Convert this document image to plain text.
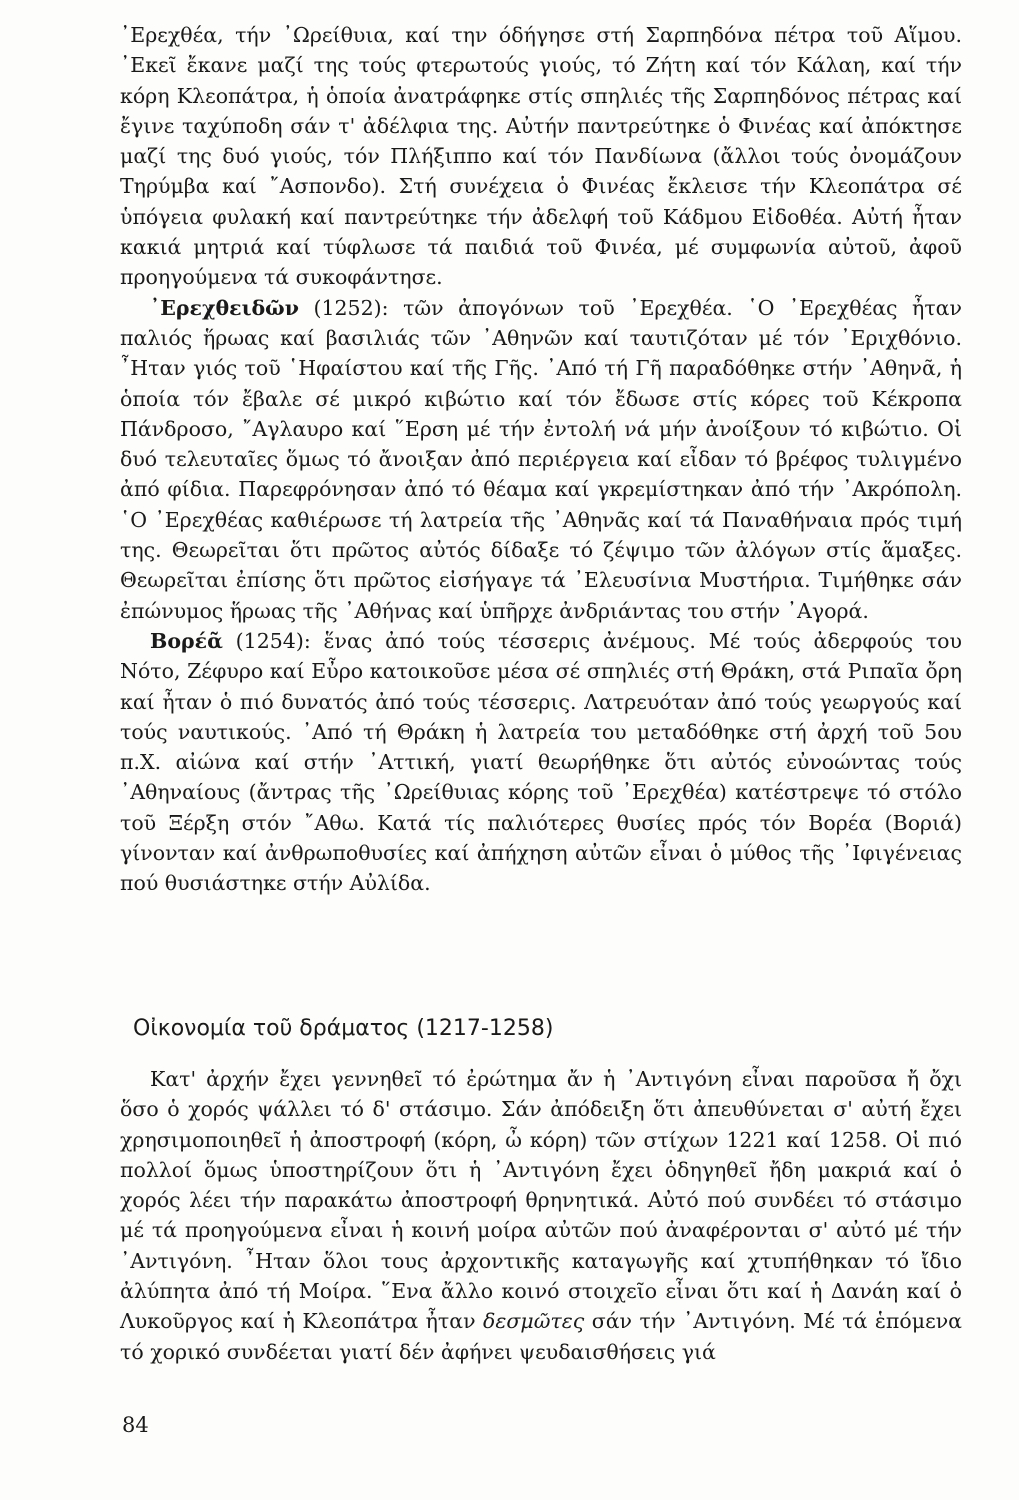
᾿Ερεχθέα, τήν ᾿Ωρείθυια, καί την όδήγησε στή Σαρπηδόνα πέτρα τοῦ Αἵμου. ᾿Εκεῖ ἔκανε μαζί της τούς φτερωτούς γιούς, τό Ζήτη καί τόν Κάλαη, καί τήν κόρη Κλεοπάτρα, ἡ ὁποία ἀνατράφηκε στίς σπηλιές τῆς Σαρπηδόνος πέτρας καί ἔγινε ταχύποδη σάν τ' ἀδέλφια της. Αὐτήν παντρεύτηκε ὁ Φινέας καί ἀπόκτησε μαζί της δυό γιούς, τόν Πλήξιππο καί τόν Πανδίωνα (ἄλλοι τούς ὀνομάζουν Τηρύμβα καί ῎Ασπονδο). Στή συνέχεια ὁ Φινέας ἔκλεισε τήν Κλεοπάτρα σέ ὑπόγεια φυλακή καί παντρεύτηκε τήν ἀδελφή τοῦ Κάδμου Εἰδοθέα. Αὐτή ἦταν κακιά μητριά καί τύφλωσε τά παιδιά τοῦ Φινέα, μέ συμφωνία αὐτοῦ, ἀφοῦ προηγούμενα τά συκοφάντησε.

᾿Ερεχθειδῶν (1252): τῶν ἀπογόνων τοῦ ᾿Ερεχθέα. ῾Ο ᾿Ερεχθέας ἦταν παλιός ἥρωας καί βασιλιάς τῶν ᾿Αθηνῶν καί ταυτιζόταν μέ τόν ᾿Εριχθόνιο. ῏Ηταν γιός τοῦ ῾Ηφαίστου καί τῆς Γῆς. ᾿Από τή Γῆ παραδόθηκε στήν ᾿Αθηνᾶ, ἡ ὁποία τόν ἔβαλε σέ μικρό κιβώτιο καί τόν ἔδωσε στίς κόρες τοῦ Κέκροπα Πάνδροσο, ῎Αγλαυρο καί ῞Ερση μέ τήν ἐντολή νά μήν ἀνοίξουν τό κιβώτιο. Οἱ δυό τελευταῖες ὅμως τό ἄνοιξαν ἀπό περιέργεια καί εἶδαν τό βρέφος τυλιγμένο ἀπό φίδια. Παρεφρόνησαν ἀπό τό θέαμα καί γκρεμίστηκαν ἀπό τήν ᾿Ακρόπολη. ῾Ο ᾿Ερεχθέας καθιέρωσε τή λατρεία τῆς ᾿Αθηνᾶς καί τά Παναθήναια πρός τιμή της. Θεωρεῖται ὅτι πρῶτος αὐτός δίδαξε τό ζέψιμο τῶν ἀλόγων στίς ἅμαξες. Θεωρεῖται ἐπίσης ὅτι πρῶτος εἰσήγαγε τά ᾿Ελευσίνια Μυστήρια. Τιμήθηκε σάν ἐπώνυμος ἥρωας τῆς ᾿Αθήνας καί ὑπῆρχε ἀνδριάντας του στήν ᾿Αγορά.

Βορέᾶ (1254): ἕνας ἀπό τούς τέσσερις ἀνέμους. Μέ τούς ἀδερφούς του Νότο, Ζέφυρο καί Εὖρο κατοικοῦσε μέσα σέ σπηλιές στή Θράκη, στά Ριπαῖα ὄρη καί ἦταν ὁ πιό δυνατός ἀπό τούς τέσσερις. Λατρευόταν ἀπό τούς γεωργούς καί τούς ναυτικούς. ᾿Από τή Θράκη ἡ λατρεία του μεταδόθηκε στή ἀρχή τοῦ 5ου π.Χ. αἰώνα καί στήν ᾿Αττική, γιατί θεωρήθηκε ὅτι αὐτός εὐνοώντας τούς ᾿Αθηναίους (ἄντρας τῆς ᾿Ωρείθυιας κόρης τοῦ ᾿Ερεχθέα) κατέστρεψε τό στόλο τοῦ Ξέρξη στόν ῎Αθω. Κατά τίς παλιότερες θυσίες πρός τόν Βορέα (Βοριά) γίνονταν καί ἀνθρωποθυσίες καί ἀπήχηση αὐτῶν εἶναι ὁ μύθος τῆς ᾿Ιφιγένειας πού θυσιάστηκε στήν Αὐλίδα.

Οἰκονομία τοῦ δράματος (1217-1258)

Κατ' ἀρχήν ἔχει γεννηθεῖ τό ἐρώτημα ἄν ἡ ᾿Αντιγόνη εἶναι παροῦσα ἤ ὄχι ὅσο ὁ χορός ψάλλει τό δ' στάσιμο. Σάν ἀπόδειξη ὅτι ἀπευθύνεται σ' αὐτή ἔχει χρησιμοποιηθεῖ ἡ ἀποστροφή (κόρη, ὦ κόρη) τῶν στίχων 1221 καί 1258. Οἱ πιό πολλοί ὅμως ὑποστηρίζουν ὅτι ἡ ᾿Αντιγόνη ἔχει ὁδηγηθεῖ ἤδη μακριά καί ὁ χορός λέει τήν παρακάτω ἀποστροφή θρηνητικά. Αὐτό πού συνδέει τό στάσιμο μέ τά προηγούμενα εἶναι ἡ κοινή μοίρα αὐτῶν πού ἀναφέρονται σ' αὐτό μέ τήν ᾿Αντιγόνη. ῏Ηταν ὅλοι τους ἀρχοντικῆς καταγωγῆς καί χτυπήθηκαν τό ἴδιο ἀλύπητα ἀπό τή Μοίρα. ῞Ενα ἄλλο κοινό στοιχεῖο εἶναι ὅτι καί ἡ Δανάη καί ὁ Λυκοῦργος καί ἡ Κλεοπάτρα ἦταν δεσμῶτες σάν τήν ᾿Αντιγόνη. Μέ τά ἑπόμενα τό χορικό συνδέεται γιατί δέν ἀφήνει ψευδαισθήσεις γιά

84
